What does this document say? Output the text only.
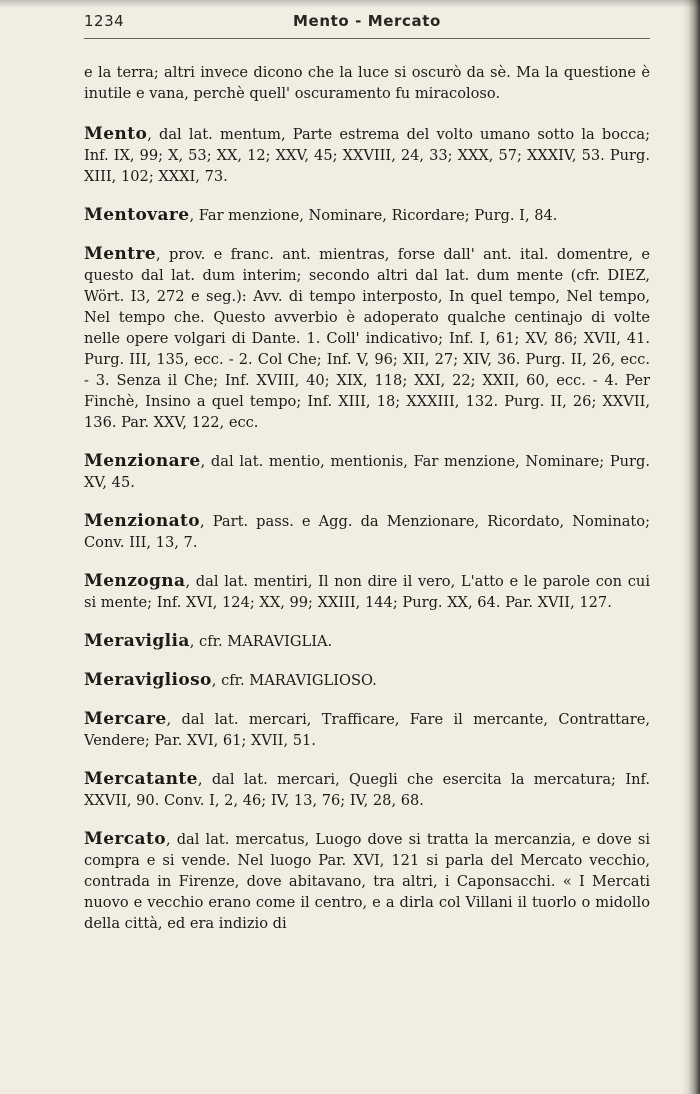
1234	Mento - Mercato

e la terra; altri invece dicono che la luce si oscurò da sè. Ma la questione è inutile e vana, perchè quell' oscuramento fu miracoloso.

Mento, dal lat. mentum, Parte estrema del volto umano sotto la bocca; Inf. IX, 99; X, 53; XX, 12; XXV, 45; XXVIII, 24, 33; XXX, 57; XXXIV, 53. Purg. XIII, 102; XXXI, 73.

Mentovare, Far menzione, Nominare, Ricordare; Purg. I, 84.

Mentre, prov. e franc. ant. mientras, forse dall' ant. ital. domentre, e questo dal lat. dum interim; secondo altri dal lat. dum mente (cfr. DIEZ, Wört. I3, 272 e seg.): Avv. di tempo interposto, In quel tempo, Nel tempo, Nel tempo che. Questo avverbio è adoperato qualche centinajo di volte nelle opere volgari di Dante. 1. Coll' indicativo; Inf. I, 61; XV, 86; XVII, 41. Purg. III, 135, ecc. - 2. Col Che; Inf. V, 96; XII, 27; XIV, 36. Purg. II, 26, ecc. - 3. Senza il Che; Inf. XVIII, 40; XIX, 118; XXI, 22; XXII, 60, ecc. - 4. Per Finchè, Insino a quel tempo; Inf. XIII, 18; XXXIII, 132. Purg. II, 26; XXVII, 136. Par. XXV, 122, ecc.

Menzionare, dal lat. mentio, mentionis, Far menzione, Nominare; Purg. XV, 45.

Menzionato, Part. pass. e Agg. da Menzionare, Ricordato, Nominato; Conv. III, 13, 7.

Menzogna, dal lat. mentiri, Il non dire il vero, L'atto e le parole con cui si mente; Inf. XVI, 124; XX, 99; XXIII, 144; Purg. XX, 64. Par. XVII, 127.

Meraviglia, cfr. MARAVIGLIA.

Meraviglioso, cfr. MARAVIGLIOSO.

Mercare, dal lat. mercari, Trafficare, Fare il mercante, Contrattare, Vendere; Par. XVI, 61; XVII, 51.

Mercatante, dal lat. mercari, Quegli che esercita la mercatura; Inf. XXVII, 90. Conv. I, 2, 46; IV, 13, 76; IV, 28, 68.

Mercato, dal lat. mercatus, Luogo dove si tratta la mercanzia, e dove si compra e si vende. Nel luogo Par. XVI, 121 si parla del Mercato vecchio, contrada in Firenze, dove abitavano, tra altri, i Caponsacchi. « I Mercati nuovo e vecchio erano come il centro, e a dirla col Villani il tuorlo o midollo della città, ed era indizio di
